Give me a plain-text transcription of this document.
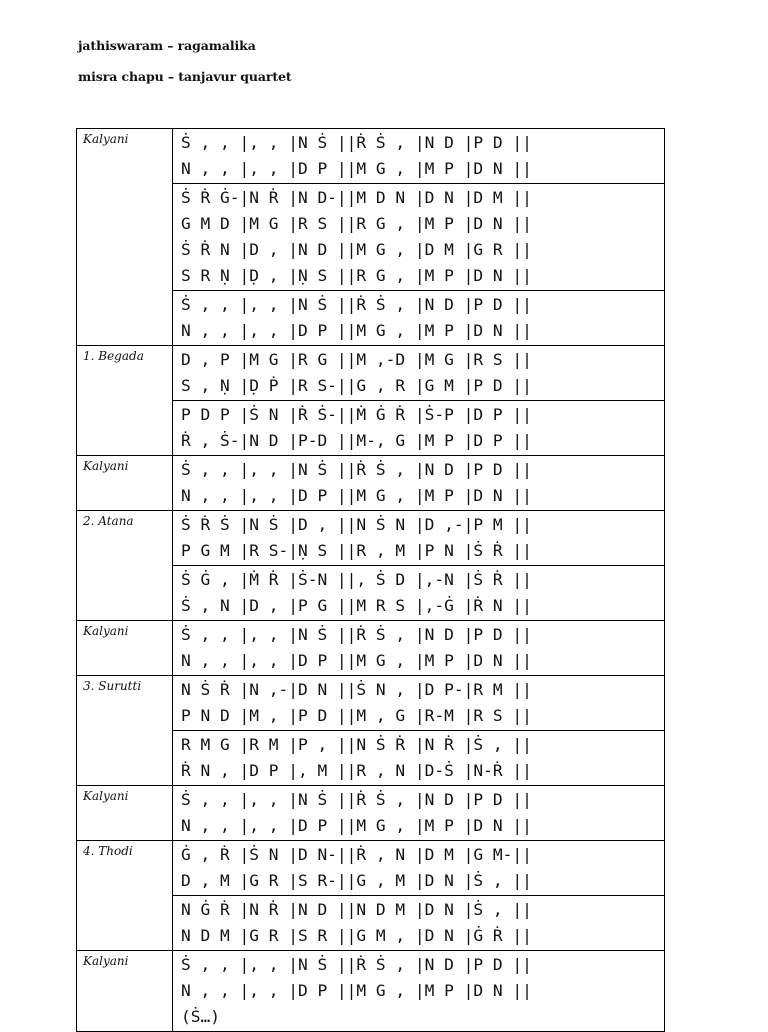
jathiswaram – ragamalika
misra chapu – tanjavur quartet
Kalyani	Ṡ , , |, , |N Ṡ ||Ṙ Ṡ , |N D |P D ||
N , , |, , |D P ||M G , |M P |D N ||

	Ṡ Ṙ Ġ-|N Ṙ |N D-||M D N |D N |D M ||
G M D |M G |R S ||R G , |M P |D N ||
Ṡ Ṙ N |D , |N D ||M G , |D M |G R ||
S R Ṇ |Ḍ , |Ṇ S ||R G , |M P |D N ||

	Ṡ , , |, , |N Ṡ ||Ṙ Ṡ , |N D |P D ||
N , , |, , |D P ||M G , |M P |D N ||

1. Begada	D , P |M G |R G ||M ,-D |M G |R S ||
S , Ṇ |Ḍ Ṗ |R S-||G , R |G M |P D ||

	P D P |Ṡ N |Ṙ Ṡ-||Ṁ Ġ Ṙ |Ṡ-P |D P ||
Ṙ , Ṡ-|N D |P-D ||M-, G |M P |D P ||

Kalyani	Ṡ , , |, , |N Ṡ ||Ṙ Ṡ , |N D |P D ||
N , , |, , |D P ||M G , |M P |D N ||

2. Atana	Ṡ Ṙ Ṡ |N Ṡ |D , ||N Ṡ N |D ,-|P M ||
P G M |R S-|Ṇ S ||R , M |P N |Ṡ Ṙ ||

	Ṡ Ġ , |Ṁ Ṙ |Ṡ-N ||, Ṡ D |,-N |Ṡ Ṙ ||
Ṡ , N |D , |P G ||M R S |,-Ġ |Ṙ N ||

Kalyani	Ṡ , , |, , |N Ṡ ||Ṙ Ṡ , |N D |P D ||
N , , |, , |D P ||M G , |M P |D N ||

3. Surutti	N Ṡ Ṙ |N ,-|D N ||Ṡ N , |D P-|R M ||
P N D |M , |P D ||M , G |R-M |R S ||

	R M G |R M |P , ||N Ṡ Ṙ |N Ṙ |Ṡ , ||
Ṙ N , |D P |, M ||R , N |D-Ṡ |N-Ṙ ||

Kalyani	Ṡ , , |, , |N Ṡ ||Ṙ Ṡ , |N D |P D ||
N , , |, , |D P ||M G , |M P |D N ||

4. Thodi	Ġ , Ṙ |Ṡ N |D N-||Ṙ , N |D M |G M-||
D , M |G R |S R-||G , M |D N |Ṡ , ||

	N Ġ Ṙ |N Ṙ |N D ||N D M |D N |Ṡ , ||
N D M |G R |S R ||G M , |D N |Ġ Ṙ ||

Kalyani	Ṡ , , |, , |N Ṡ ||Ṙ Ṡ , |N D |P D ||
N , , |, , |D P ||M G , |M P |D N ||
(Ṡ…)
